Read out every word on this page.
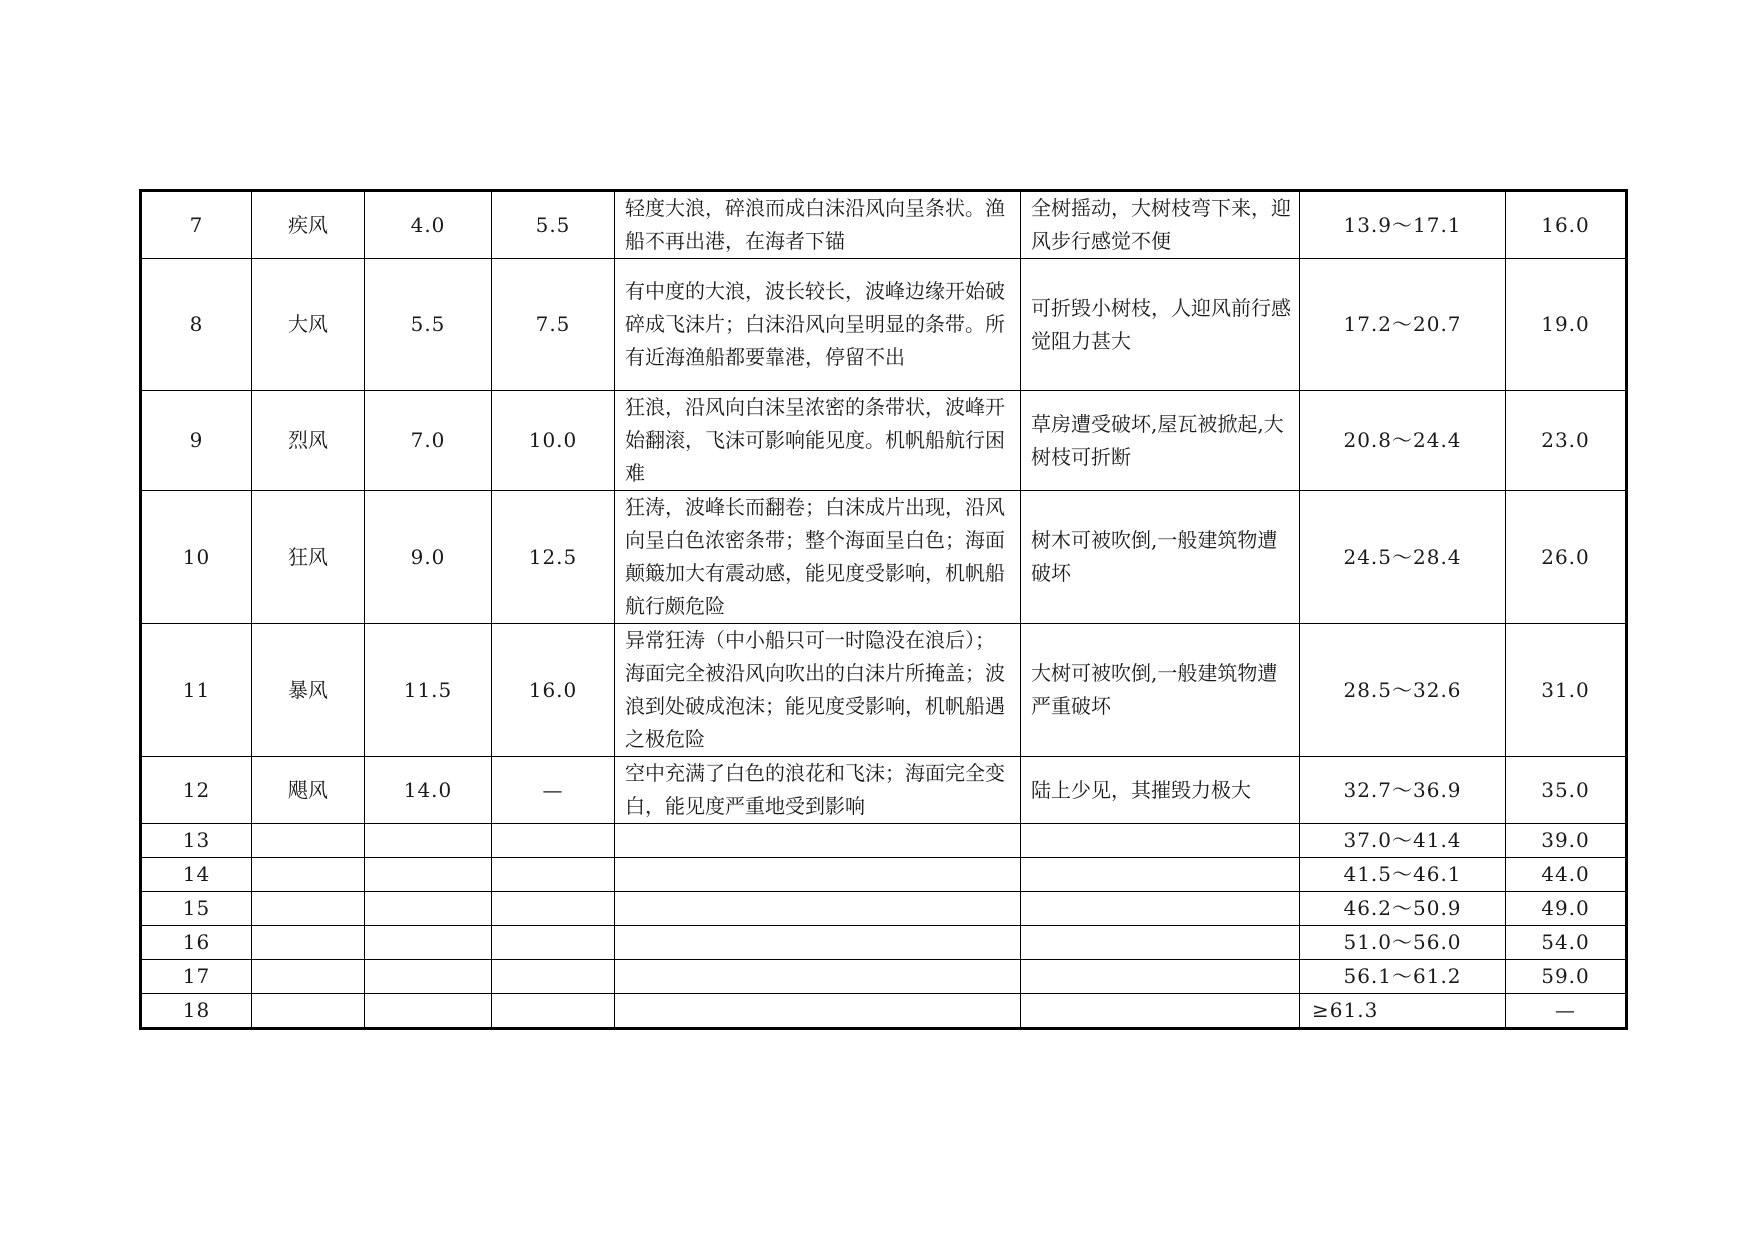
7	疾风	4.0	5.5	轻度大浪，碎浪而成白沫沿风向呈条状。渔船不再出港，在海者下锚	全树摇动，大树枝弯下来，迎风步行感觉不便	13.9～17.1	16.0
8	大风	5.5	7.5	有中度的大浪，波长较长，波峰边缘开始破碎成飞沫片；白沫沿风向呈明显的条带。所有近海渔船都要靠港，停留不出	可折毁小树枝，人迎风前行感觉阻力甚大	17.2～20.7	19.0
9	烈风	7.0	10.0	狂浪，沿风向白沫呈浓密的条带状，波峰开始翻滚，飞沫可影响能见度。机帆船航行困难	草房遭受破坏,屋瓦被掀起,大树枝可折断	20.8～24.4	23.0
10	狂风	9.0	12.5	狂涛，波峰长而翻卷；白沫成片出现，沿风向呈白色浓密条带；整个海面呈白色；海面颠簸加大有震动感，能见度受影响，机帆船航行颇危险	树木可被吹倒,一般建筑物遭破坏	24.5～28.4	26.0
11	暴风	11.5	16.0	异常狂涛（中小船只可一时隐没在浪后）；海面完全被沿风向吹出的白沫片所掩盖；波浪到处破成泡沫；能见度受影响，机帆船遇之极危险	大树可被吹倒,一般建筑物遭严重破坏	28.5～32.6	31.0
12	飓风	14.0	—	空中充满了白色的浪花和飞沫；海面完全变白，能见度严重地受到影响	陆上少见，其摧毁力极大	32.7～36.9	35.0
13						37.0～41.4	39.0
14						41.5～46.1	44.0
15						46.2～50.9	49.0
16						51.0～56.0	54.0
17						56.1～61.2	59.0
18						≥61.3	—
